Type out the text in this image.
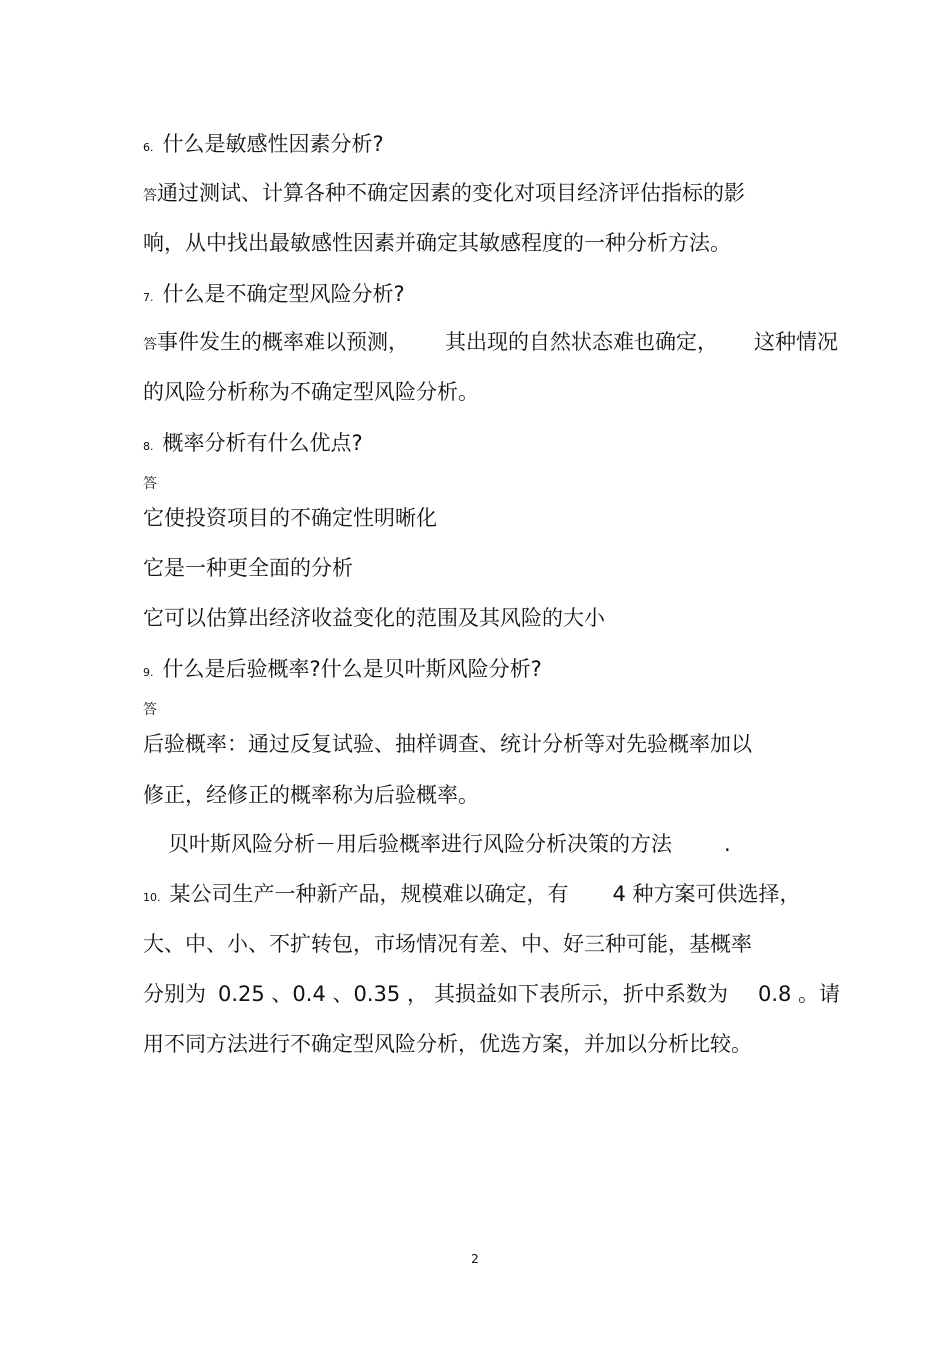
6. 什么是敏感性因素分析?
答通过测试、计算各种不确定因素的变化对项目经济评估指标的影
响，从中找出最敏感性因素并确定其敏感程度的一种分析方法。
7. 什么是不确定型风险分析?
答事件发生的概率难以预测， 其出现的自然状态难也确定， 这种情况
的风险分析称为不确定型风险分析。
8. 概率分析有什么优点?
答
它使投资项目的不确定性明晰化
它是一种更全面的分析
它可以估算出经济收益变化的范围及其风险的大小
9. 什么是后验概率?什么是贝叶斯风险分析?
答
后验概率：通过反复试验、抽样调查、统计分析等对先验概率加以
修正，经修正的概率称为后验概率。
贝叶斯风险分析－用后验概率进行风险分析决策的方法 .
10. 某公司生产一种新产品，规模难以确定，有 4 种方案可供选择，
大、中、小、不扩转包，市场情况有差、中、好三种可能，基概率
分别为 0.25 、0.4 、0.35 ， 其损益如下表所示，折中系数为 0.8 。请
用不同方法进行不确定型风险分析，优选方案，并加以分析比较。
2
